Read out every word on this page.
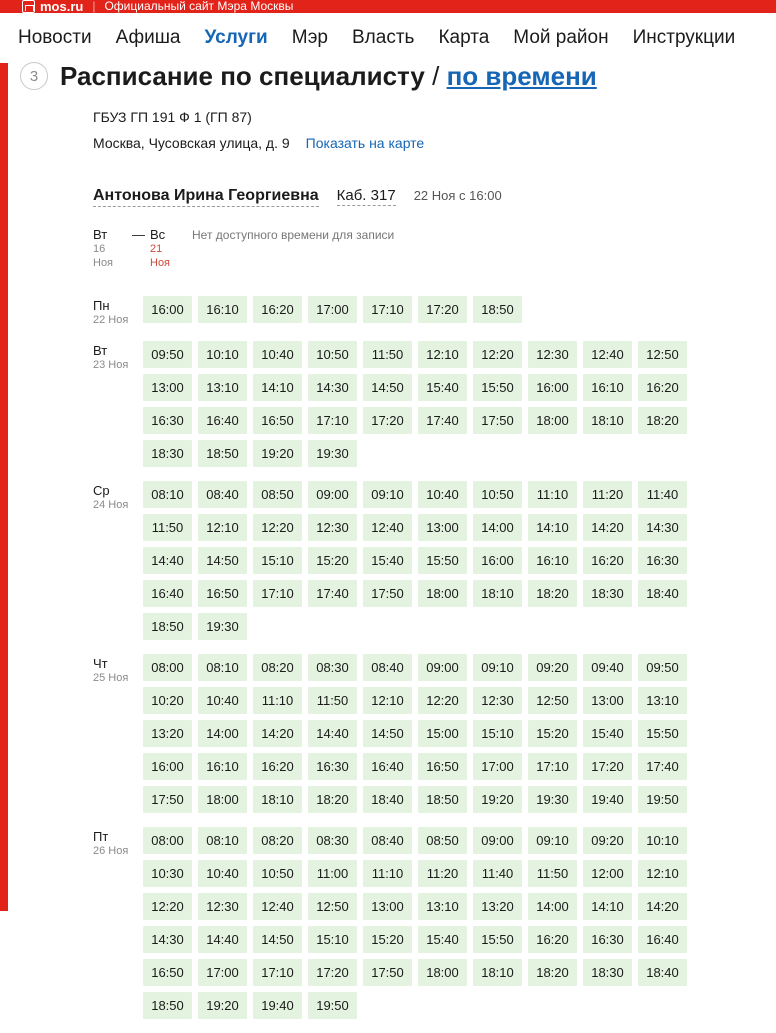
mos.ru | Официальный сайт Мэра Москвы
Новости Афиша Услуги Мэр Власть Карта Мой район Инструкции
3 Расписание по специалисту / по времени
ГБУЗ ГП 191 Ф 1 (ГП 87)
Москва, Чусовская улица, д. 9 Показать на карте
Антонова Ирина Георгиевна Каб. 317 22 Ноя с 16:00
Вт
16 Ноя
— Вс
21 Ноя
Нет доступного времени для записи
Пн
22 Ноя
16:00	16:10	16:20	17:00	17:10	17:20	18:50
Вт
23 Ноя
09:50	10:10	10:40	10:50	11:50	12:10	12:20	12:30	12:40	12:50
13:00	13:10	14:10	14:30	14:50	15:40	15:50	16:00	16:10	16:20
16:30	16:40	16:50	17:10	17:20	17:40	17:50	18:00	18:10	18:20
18:30	18:50	19:20	19:30
Ср
24 Ноя
08:10	08:40	08:50	09:00	09:10	10:40	10:50	11:10	11:20	11:40
11:50	12:10	12:20	12:30	12:40	13:00	14:00	14:10	14:20	14:30
14:40	14:50	15:10	15:20	15:40	15:50	16:00	16:10	16:20	16:30
16:40	16:50	17:10	17:40	17:50	18:00	18:10	18:20	18:30	18:40
18:50	19:30
Чт
25 Ноя
08:00	08:10	08:20	08:30	08:40	09:00	09:10	09:20	09:40	09:50
10:20	10:40	11:10	11:50	12:10	12:20	12:30	12:50	13:00	13:10
13:20	14:00	14:20	14:40	14:50	15:00	15:10	15:20	15:40	15:50
16:00	16:10	16:20	16:30	16:40	16:50	17:00	17:10	17:20	17:40
17:50	18:00	18:10	18:20	18:40	18:50	19:20	19:30	19:40	19:50
Пт
26 Ноя
08:00	08:10	08:20	08:30	08:40	08:50	09:00	09:10	09:20	10:10
10:30	10:40	10:50	11:00	11:10	11:20	11:40	11:50	12:00	12:10
12:20	12:30	12:40	12:50	13:00	13:10	13:20	14:00	14:10	14:20
14:30	14:40	14:50	15:10	15:20	15:40	15:50	16:20	16:30	16:40
16:50	17:00	17:10	17:20	17:50	18:00	18:10	18:20	18:30	18:40
18:50	19:20	19:40	19:50
